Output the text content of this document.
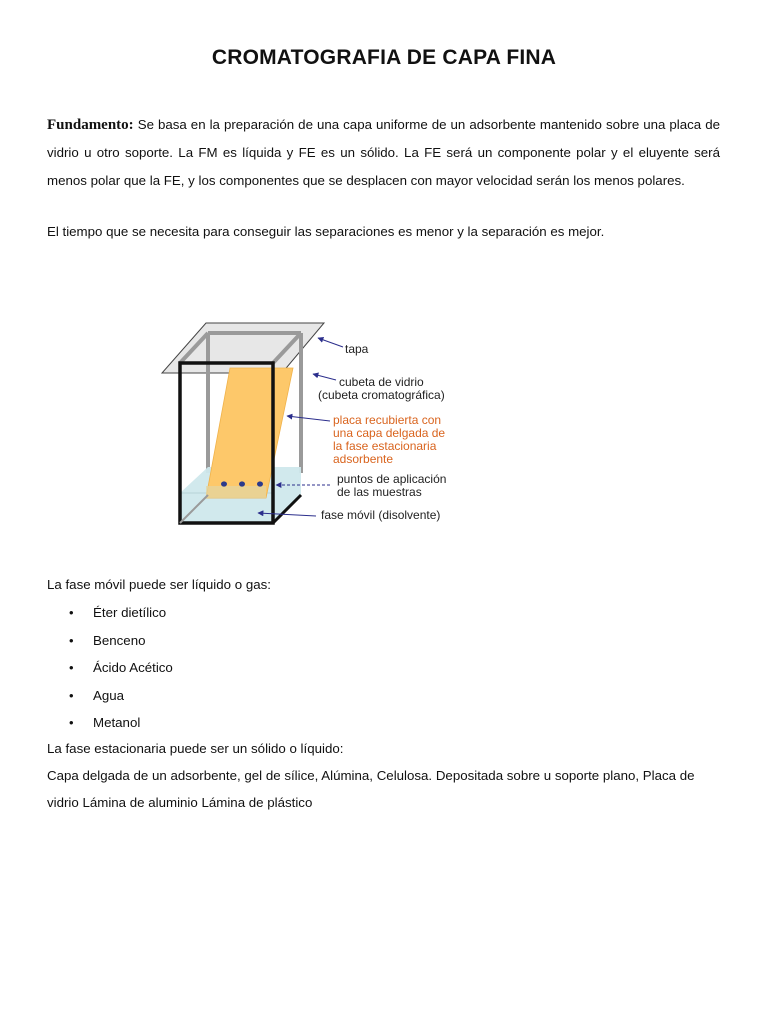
CROMATOGRAFIA DE CAPA FINA

Fundamento: Se basa en la preparación de una capa uniforme de un adsorbente mantenido sobre una placa de vidrio u otro soporte. La FM es líquida y FE es un sólido. La FE será un componente polar y el eluyente será menos polar que la FE, y los componentes que se desplacen con mayor velocidad serán los menos polares.

El tiempo que se necesita para conseguir las separaciones es menor y la separación es mejor.

tapa
cubeta de vidrio
(cubeta cromatográfica)
placa recubierta con
una capa delgada de
la fase estacionaria
adsorbente
puntos de aplicación
de las muestras
fase móvil (disolvente)

La fase móvil puede ser líquido o gas:

• Éter dietílico
• Benceno
• Ácido Acético
• Agua
• Metanol

La fase estacionaria puede ser un sólido o líquido:

Capa delgada de un adsorbente, gel de sílice, Alúmina, Celulosa. Depositada sobre u soporte plano, Placa de vidrio Lámina de aluminio Lámina de plástico
